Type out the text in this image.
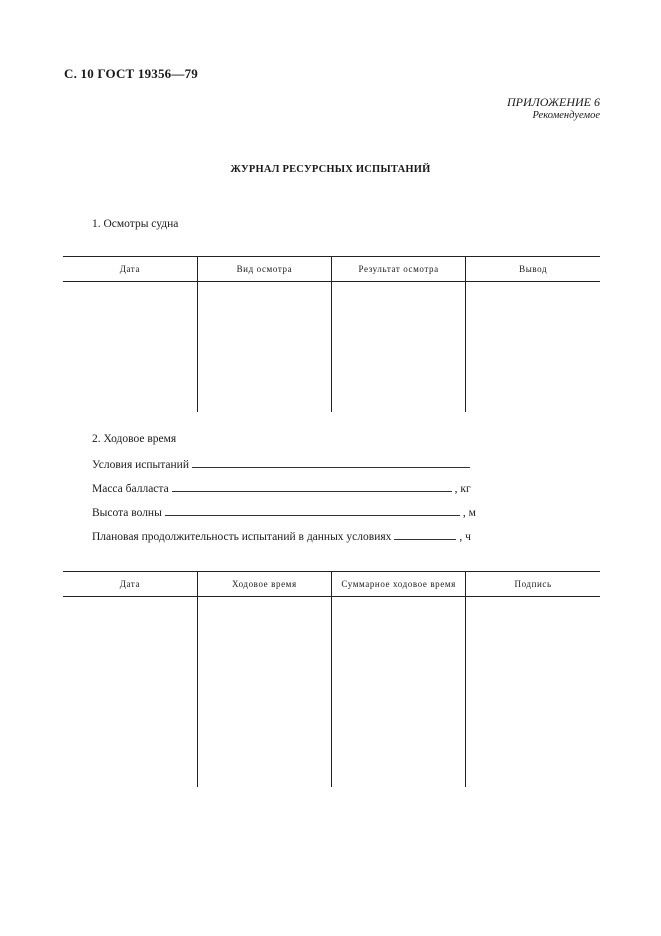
С. 10 ГОСТ 19356—79
ПРИЛОЖЕНИЕ 6
Рекомендуемое
ЖУРНАЛ РЕСУРСНЫХ ИСПЫТАНИЙ
1. Осмотры судна
Дата	Вид осмотра	Результат осмотра	Вывод

2. Ходовое время
Условия испытаний
Масса балласта	, кг
Высота волны	, м
Плановая продолжительность испытаний в данных условиях	, ч
Дата	Ходовое время	Суммарное ходовое время	Подпись
